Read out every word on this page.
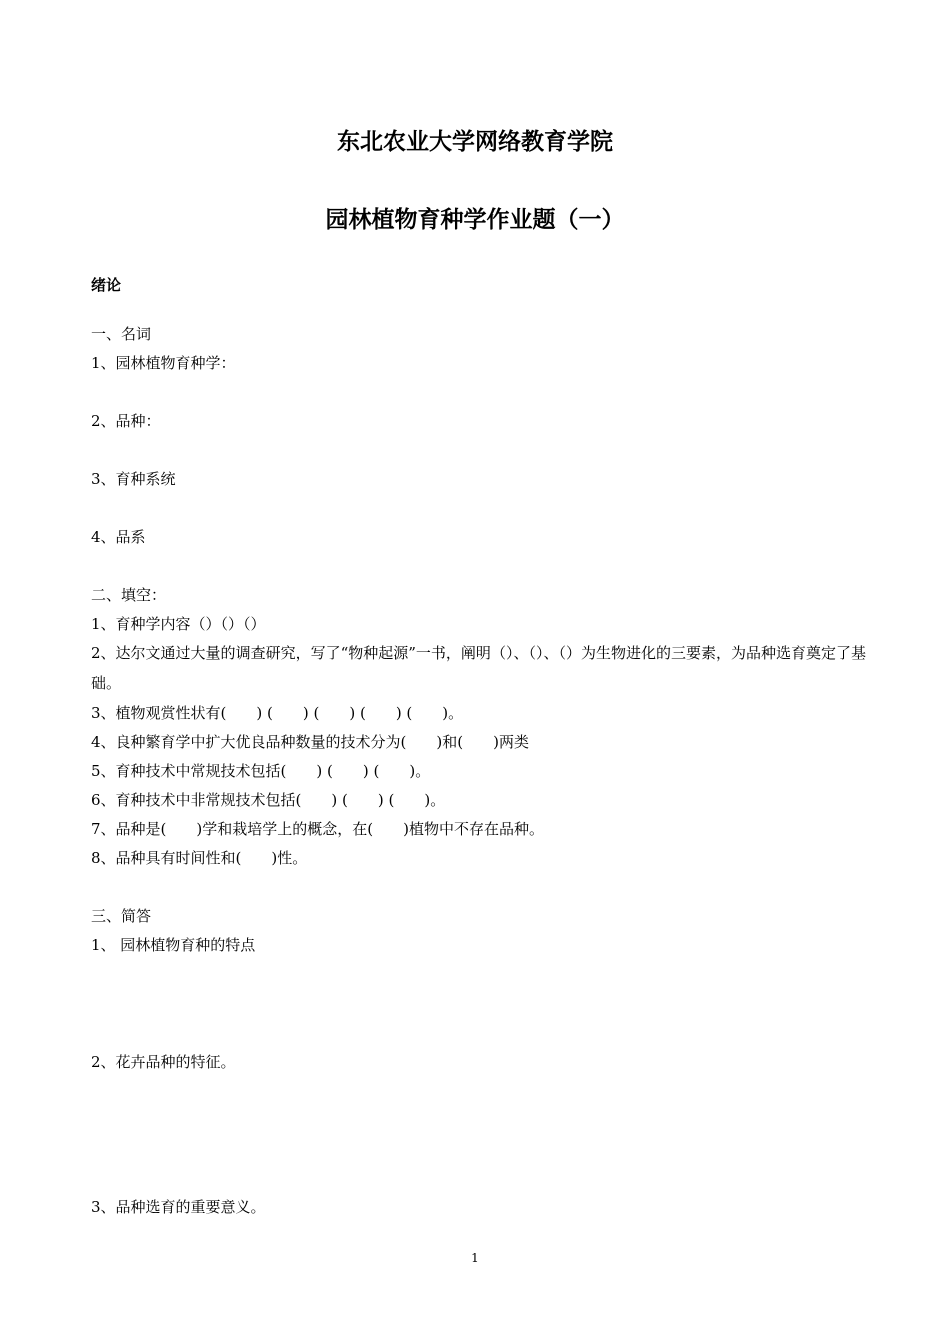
东北农业大学网络教育学院
园林植物育种学作业题（一）
绪论
一、名词
1、园林植物育种学：
2、品种：
3、育种系统
4、品系
二、填空：
1、育种学内容（）（）（）
2、达尔文通过大量的调查研究，写了“物种起源”一书，阐明（）、（）、（）为生物进化的三要素，为品种选育奠定了基础。
3、植物观赏性状有(　　) (　　) (　　) (　　) (　　)。
4、良种繁育学中扩大优良品种数量的技术分为(　　)和(　　)两类
5、育种技术中常规技术包括(　　) (　　) (　　)。
6、育种技术中非常规技术包括(　　) (　　) (　　)。
7、品种是(　　)学和栽培学上的概念，在(　　)植物中不存在品种。
8、品种具有时间性和(　　)性。
三、简答
1、 园林植物育种的特点
2、花卉品种的特征。
3、品种选育的重要意义。
1
